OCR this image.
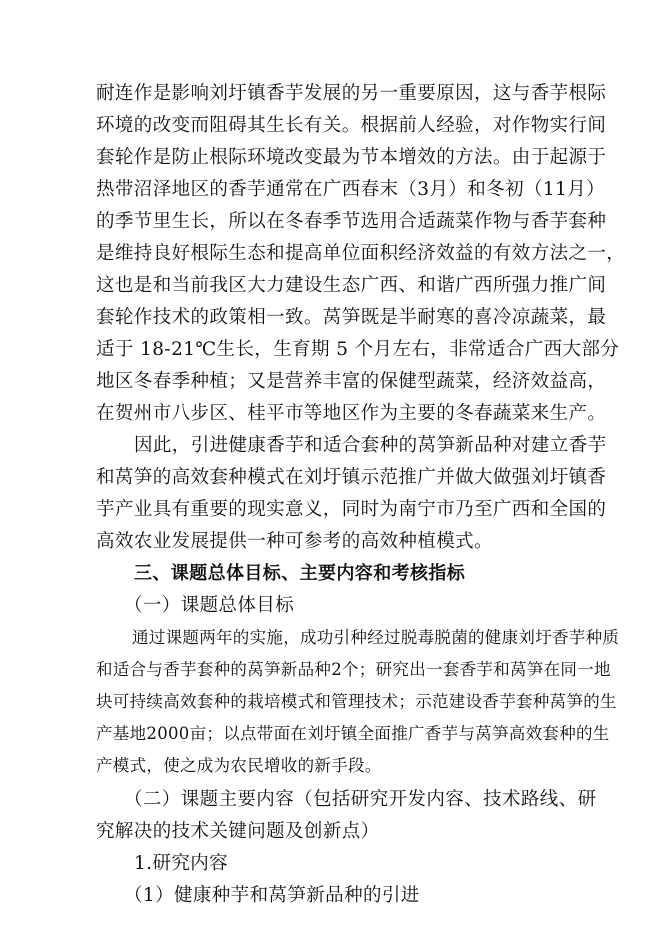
耐连作是影响刘圩镇香芋发展的另一重要原因，这与香芋根际

环境的改变而阻碍其生长有关。根据前人经验，对作物实行间

套轮作是防止根际环境改变最为节本增效的方法。由于起源于

热带沼泽地区的香芋通常在广西春末（3月）和冬初（11月）

的季节里生长，所以在冬春季节选用合适蔬菜作物与香芋套种

是维持良好根际生态和提高单位面积经济效益的有效方法之一，

这也是和当前我区大力建设生态广西、和谐广西所强力推广间

套轮作技术的政策相一致。莴笋既是半耐寒的喜冷凉蔬菜，最

适于 18-21℃生长，生育期 5 个月左右，非常适合广西大部分

地区冬春季种植；又是营养丰富的保健型蔬菜，经济效益高，

在贺州市八步区、桂平市等地区作为主要的冬春蔬菜来生产。

因此，引进健康香芋和适合套种的莴笋新品种对建立香芋

和莴笋的高效套种模式在刘圩镇示范推广并做大做强刘圩镇香

芋产业具有重要的现实意义，同时为南宁市乃至广西和全国的

高效农业发展提供一种可参考的高效种植模式。

三、课题总体目标、主要内容和考核指标

（一）课题总体目标

通过课题两年的实施，成功引种经过脱毒脱菌的健康刘圩香芋种质

和适合与香芋套种的莴笋新品种2个；研究出一套香芋和莴笋在同一地

块可持续高效套种的栽培模式和管理技术；示范建设香芋套种莴笋的生

产基地2000亩；以点带面在刘圩镇全面推广香芋与莴笋高效套种的生

产模式，使之成为农民增收的新手段。

（二）课题主要内容（包括研究开发内容、技术路线、研

究解决的技术关键问题及创新点）

1.研究内容

（1）健康种芋和莴笋新品种的引进
